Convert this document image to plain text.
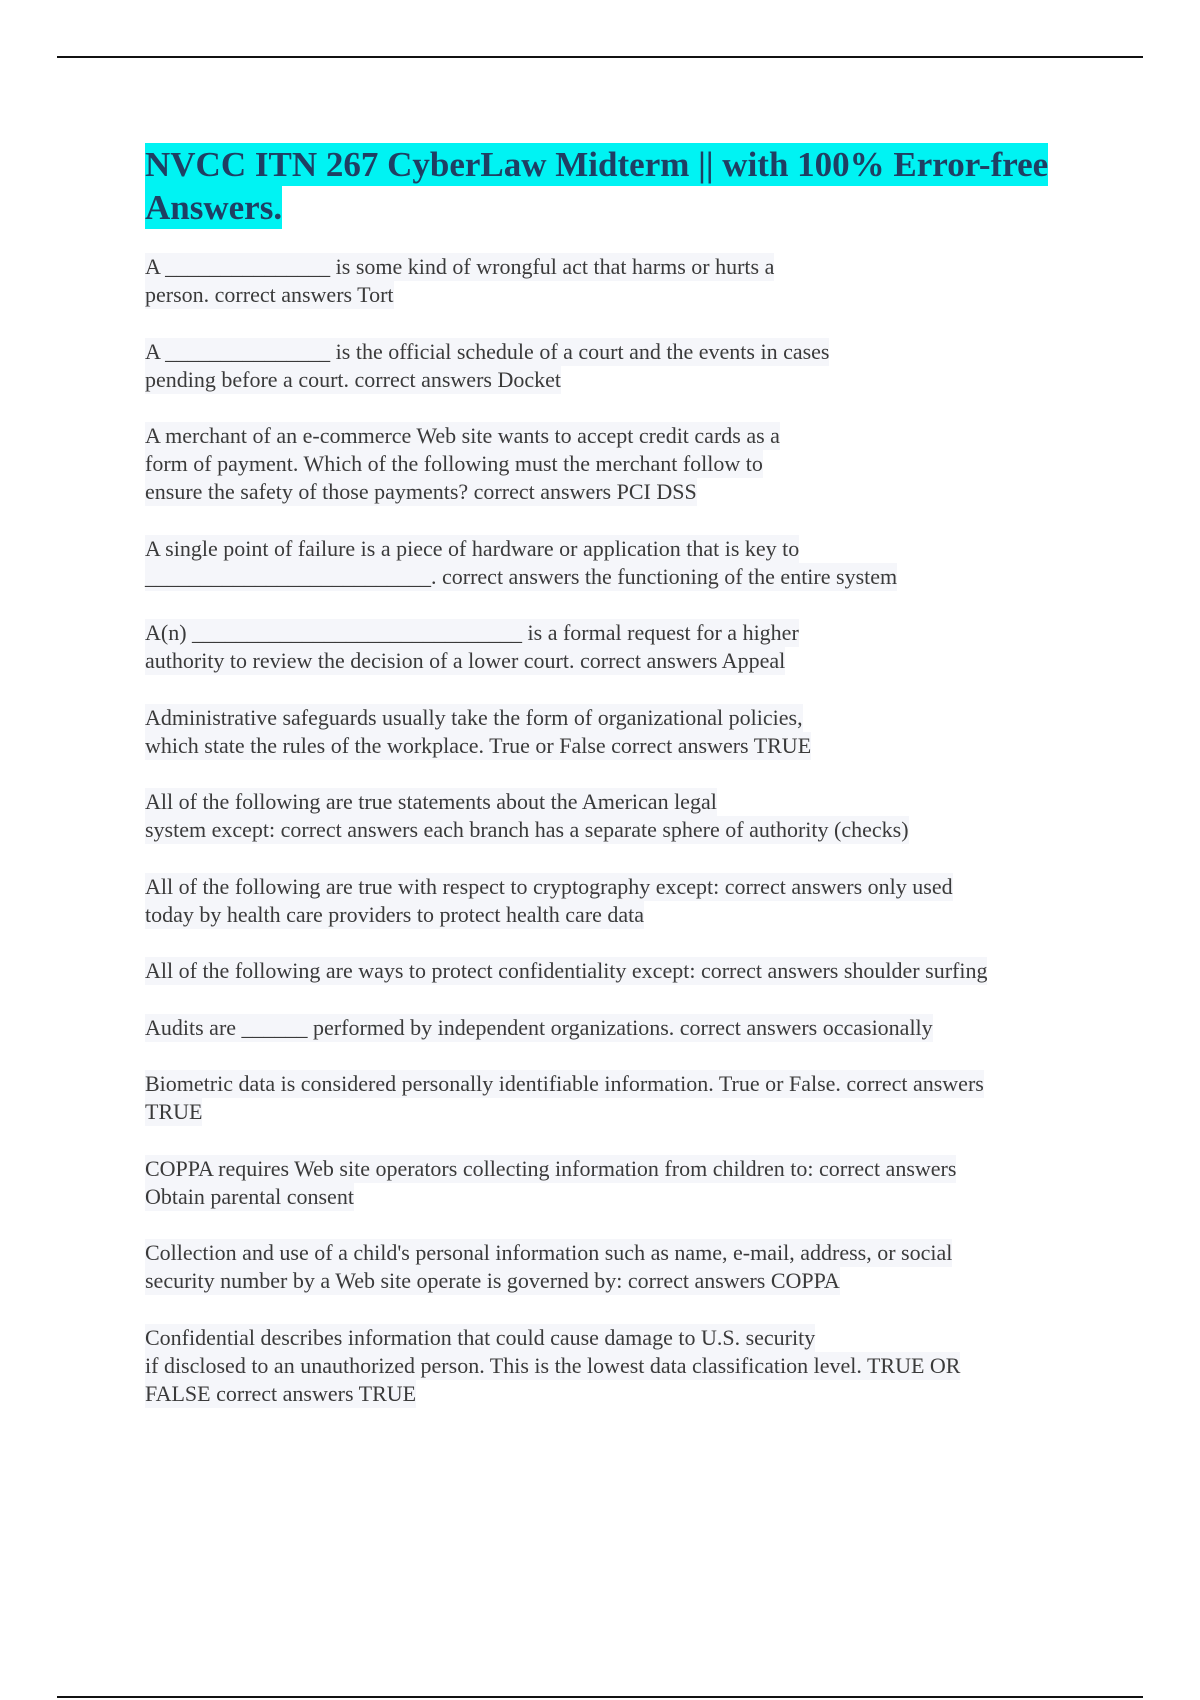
NVCC ITN 267 CyberLaw Midterm || with 100% Error-free Answers.
A _______________ is some kind of wrongful act that harms or hurts a
person. correct answers Tort
A _______________ is the official schedule of a court and the events in cases
pending before a court. correct answers Docket
A merchant of an e-commerce Web site wants to accept credit cards as a
form of payment. Which of the following must the merchant follow to
ensure the safety of those payments? correct answers PCI DSS
A single point of failure is a piece of hardware or application that is key to
__________________________. correct answers the functioning of the entire system
A(n) ______________________________ is a formal request for a higher
authority to review the decision of a lower court. correct answers Appeal
Administrative safeguards usually take the form of organizational policies,
which state the rules of the workplace. True or False correct answers TRUE
All of the following are true statements about the American legal
system except: correct answers each branch has a separate sphere of authority (checks)
All of the following are true with respect to cryptography except: correct answers only used
today by health care providers to protect health care data
All of the following are ways to protect confidentiality except: correct answers shoulder surfing
Audits are ______ performed by independent organizations. correct answers occasionally
Biometric data is considered personally identifiable information. True or False. correct answers
TRUE
COPPA requires Web site operators collecting information from children to: correct answers
Obtain parental consent
Collection and use of a child's personal information such as name, e-mail, address, or social
security number by a Web site operate is governed by: correct answers COPPA
Confidential describes information that could cause damage to U.S. security
if disclosed to an unauthorized person. This is the lowest data classification level. TRUE OR
FALSE correct answers TRUE
